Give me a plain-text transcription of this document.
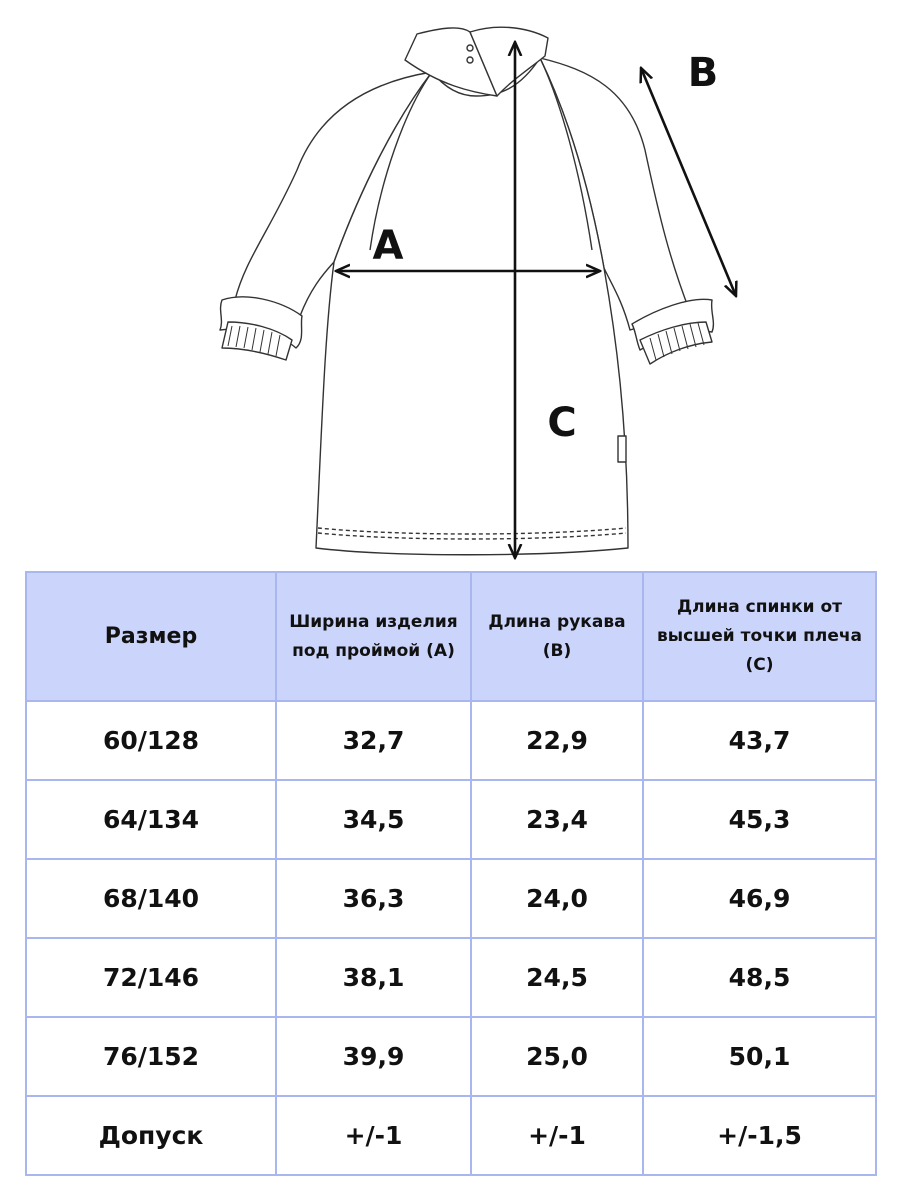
A
B
C
Размер	Ширина изделия под проймой (А)	Длина рукава (В)	Длина спинки от высшей точки плеча (С)
60/128	32,7	22,9	43,7
64/134	34,5	23,4	45,3
68/140	36,3	24,0	46,9
72/146	38,1	24,5	48,5
76/152	39,9	25,0	50,1
Допуск	+/-1	+/-1	+/-1,5
